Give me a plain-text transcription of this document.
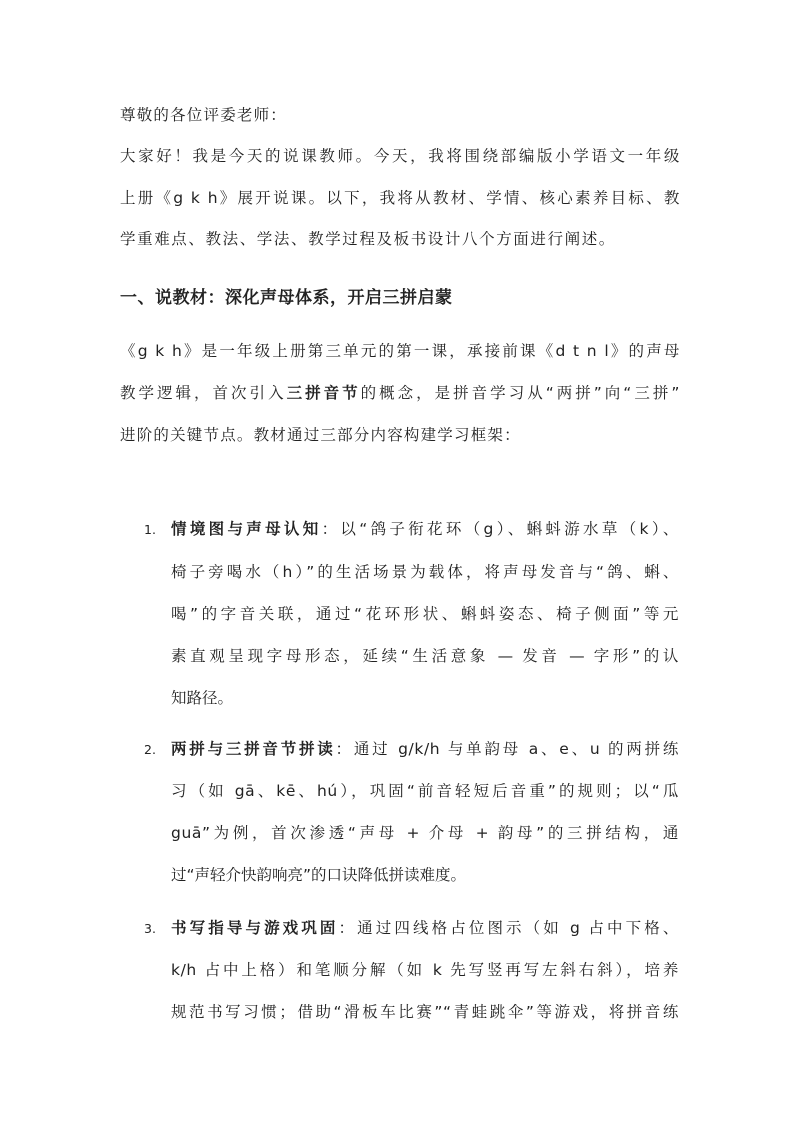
尊敬的各位评委老师：
大家好！我是今天的说课教师。今天，我将围绕部编版小学语文一年级
上册《g k h》展开说课。以下，我将从教材、学情、核心素养目标、教
学重难点、教法、学法、教学过程及板书设计八个方面进行阐述。
一、说教材：深化声母体系，开启三拼启蒙
《g k h》是一年级上册第三单元的第一课，承接前课《d t n l》的声母
教学逻辑，首次引入三拼音节的概念，是拼音学习从“两拼”向“三拼”
进阶的关键节点。教材通过三部分内容构建学习框架：
1. 情境图与声母认知：以“鸽子衔花环（g）、蝌蚪游水草（k）、
椅子旁喝水（h）”的生活场景为载体，将声母发音与“鸽、蝌、
喝”的字音关联，通过“花环形状、蝌蚪姿态、椅子侧面”等元
素直观呈现字母形态，延续“生活意象 — 发音 — 字形”的认
知路径。
2. 两拼与三拼音节拼读：通过 g/k/h 与单韵母 a、e、u 的两拼练
习（如 gā、kē、hú），巩固“前音轻短后音重”的规则；以“瓜
guā”为例，首次渗透“声母 + 介母 + 韵母”的三拼结构，通
过“声轻介快韵响亮”的口诀降低拼读难度。
3. 书写指导与游戏巩固：通过四线格占位图示（如 g 占中下格、
k/h 占中上格）和笔顺分解（如 k 先写竖再写左斜右斜），培养
规范书写习惯；借助“滑板车比赛”“青蛙跳伞”等游戏，将拼音练
